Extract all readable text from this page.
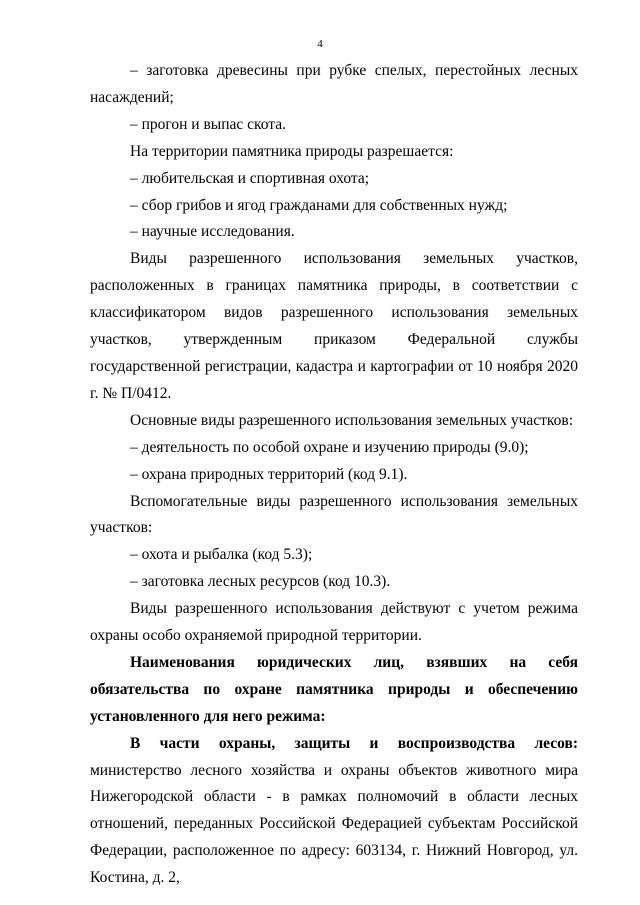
4

– заготовка древесины при рубке спелых, перестойных лесных насаждений;

– прогон и выпас скота.

На территории памятника природы разрешается:

– любительская и спортивная охота;

– сбор грибов и ягод гражданами для собственных нужд;

– научные исследования.

Виды разрешенного использования земельных участков, расположенных в границах памятника природы, в соответствии с классификатором видов разрешенного использования земельных участков, утвержденным приказом Федеральной службы государственной регистрации, кадастра и картографии от 10 ноября 2020 г. № П/0412.

Основные виды разрешенного использования земельных участков:

– деятельность по особой охране и изучению природы (9.0);

– охрана природных территорий (код 9.1).

Вспомогательные виды разрешенного использования земельных участков:

– охота и рыбалка (код 5.3);

– заготовка лесных ресурсов (код 10.3).

Виды разрешенного использования действуют с учетом режима охраны особо охраняемой природной территории.

Наименования юридических лиц, взявших на себя обязательства по охране памятника природы и обеспечению установленного для него режима:

В части охраны, защиты и воспроизводства лесов: министерство лесного хозяйства и охраны объектов животного мира Нижегородской области - в рамках полномочий в области лесных отношений, переданных Российской Федерацией субъектам Российской Федерации, расположенное по адресу: 603134, г. Нижний Новгород, ул. Костина, д. 2,
